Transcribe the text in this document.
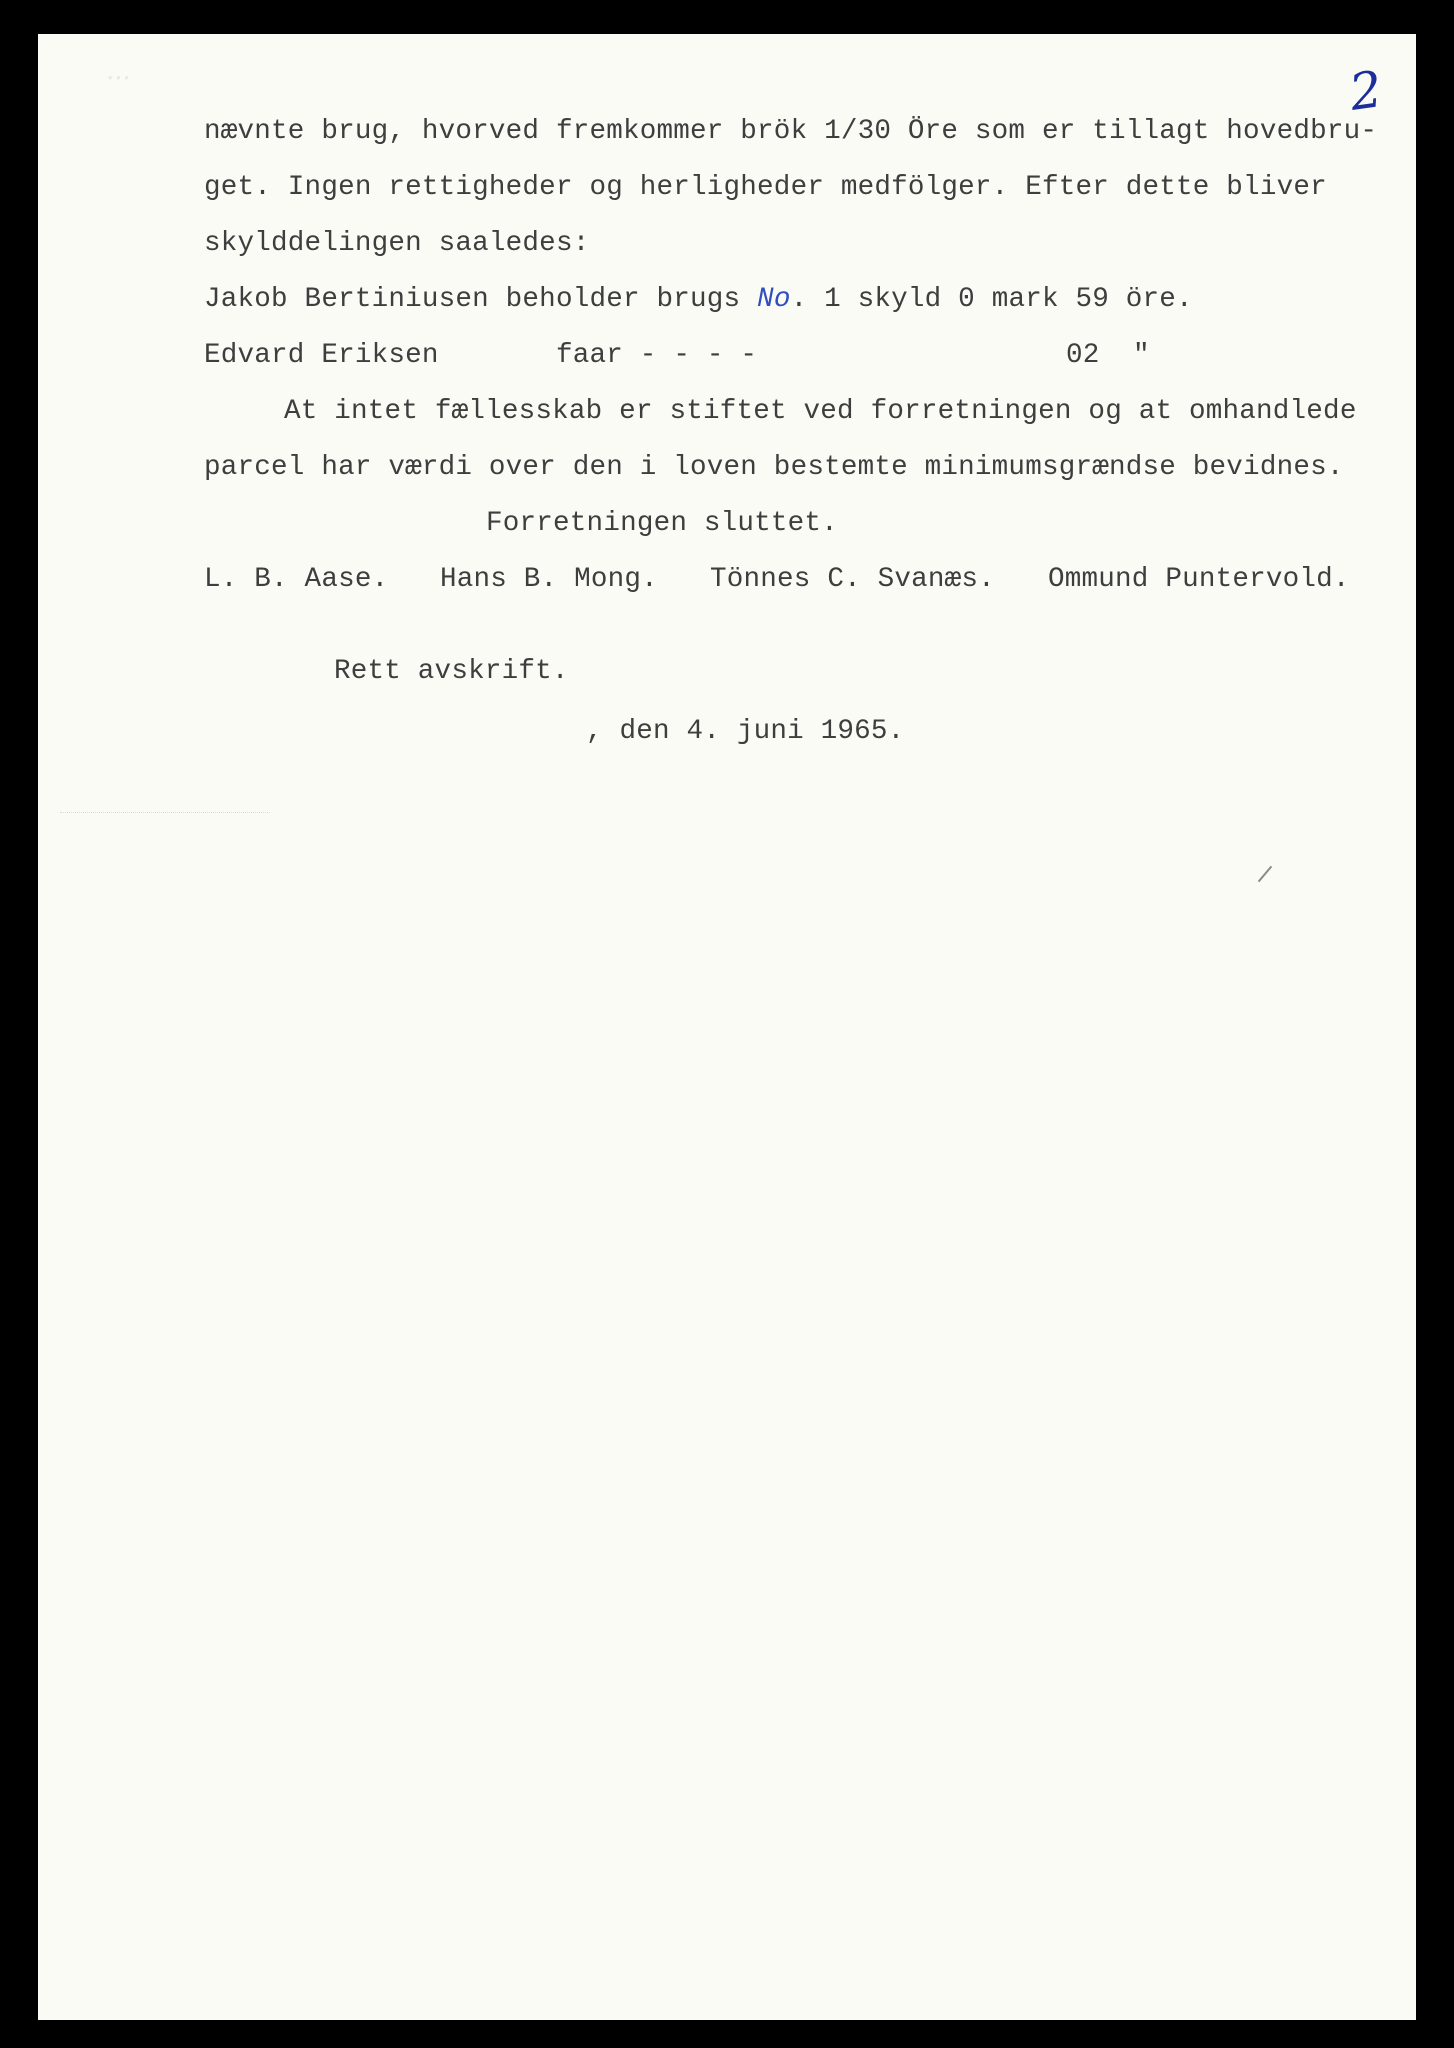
...	2
nævnte brug, hvorved fremkommer brök 1/30 Öre som er tillagt hovedbru-
get. Ingen rettigheder og herligheder medfölger. Efter dette bliver
skylddelingen saaledes:
Jakob Bertiniusen beholder brugs No. 1 skyld 0 mark 59 öre.
Edvard Eriksen	faar - - - -	02  "
At intet fællesskab er stiftet ved forretningen og at omhandlede
parcel har værdi over den i loven bestemte minimumsgrændse bevidnes.
Forretningen sluttet.
L. B. Aase. Hans B. Mong. Tönnes C. Svanæs. Ommund Puntervold.
Rett avskrift.
, den 4. juni 1965.
